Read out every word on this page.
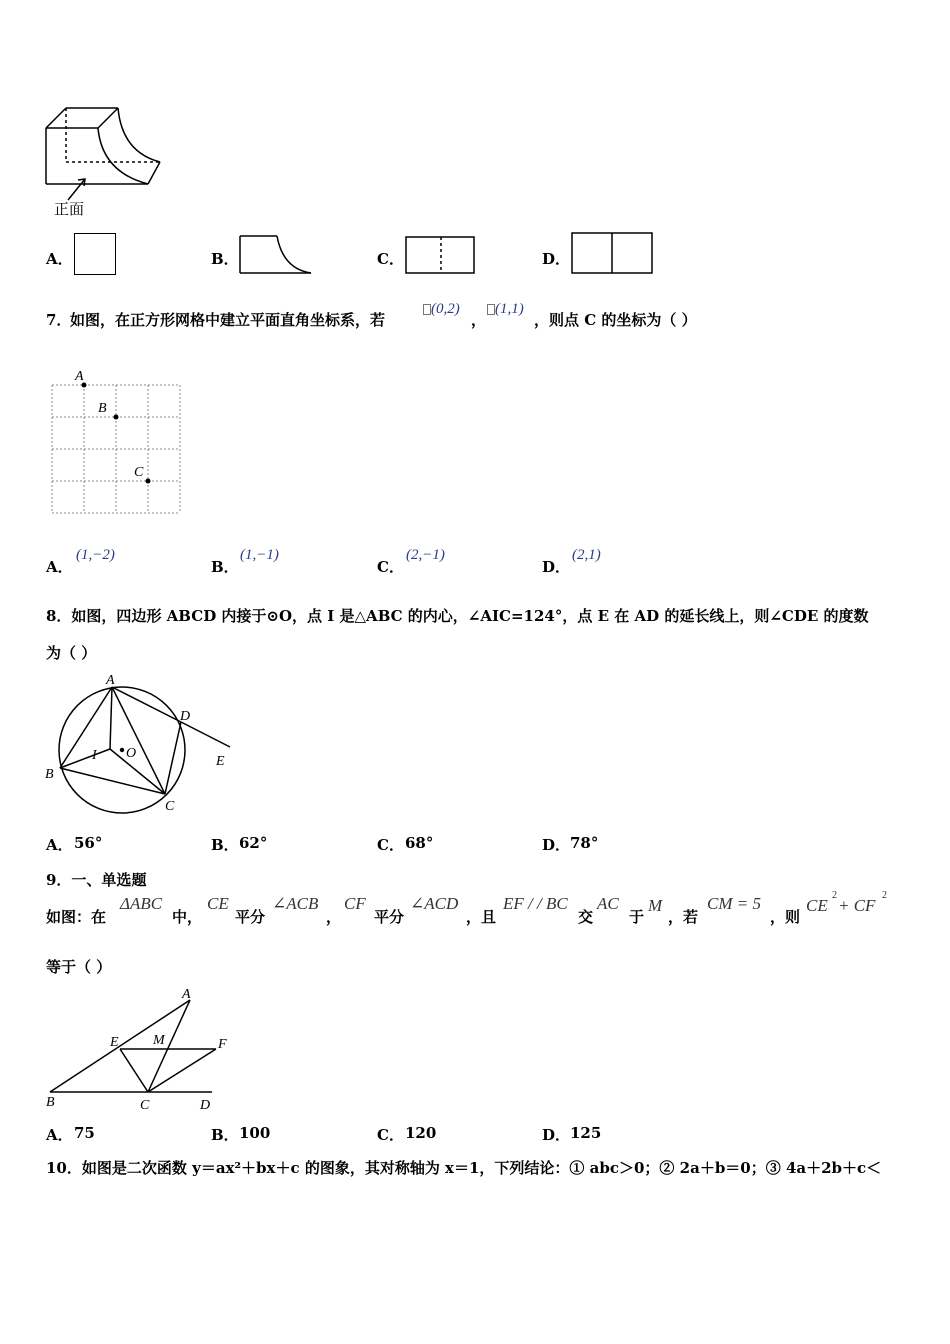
正面
A．	B．	C．	D．
7．
如图，在正方形网格中建立平面直角坐标系，若
(0,2)
，
(1,1)
，则点 C 的坐标为（ ）
A
B
C
A．
(1,−2)
B．
(1,−1)
C．
(2,−1)
D．
(2,1)
8．如图，四边形 ABCD 内接于⊙O，点 I 是△ABC 的内心，∠AIC=124°，点 E 在 AD 的延长线上，则∠CDE 的度数
为（ ）
A
D
E
B
C
I O
A． 56°	B． 62°	C． 68°	D． 78°
9．一、单选题
如图：在
ΔABC
中，
CE
平分
∠ACB
，
CF
平分
∠ACD
，且
EF / / BC
交
AC
于
M
，若
CM = 5
，则
CE
2
+ CF
2
等于（ ）
A
E M	F
B	C	D
A． 75	B． 100	C． 120	D． 125
10．如图是二次函数 y＝ax²＋bx＋c 的图象，其对称轴为 x＝1，下列结论：① abc＞0；② 2a＋b＝0；③ 4a＋2b＋c＜
